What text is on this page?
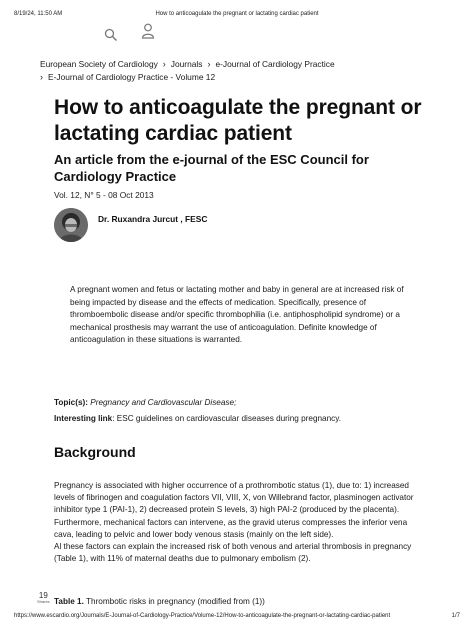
8/19/24, 11:50 AM	How to anticoagulate the pregnant or lactating cardiac patient
European Society of Cardiology › Journals › e-Journal of Cardiology Practice
› E-Journal of Cardiology Practice - Volume 12
How to anticoagulate the pregnant or lactating cardiac patient
An article from the e-journal of the ESC Council for Cardiology Practice
Vol. 12, N° 5 - 08 Oct 2013
Dr. Ruxandra Jurcut , FESC

A pregnant women and fetus or lactating mother and baby in general are at increased risk of being impacted by disease and the effects of medication. Specifically, presence of thromboembolic disease and/or specific thrombophilia (i.e. antiphospholipid syndrome) or a mechanical prosthesis may warrant the use of anticoagulation. Definite knowledge of anticoagulation in these situations is warranted.

Topic(s): Pregnancy and Cardiovascular Disease;
Interesting link: ESC guidelines on cardiovascular diseases during pregnancy.
Background

Pregnancy is associated with higher occurrence of a prothrombotic status (1), due to: 1) increased levels of fibrinogen and coagulation factors VII, VIII, X, von Willebrand factor, plasminogen activator inhibitor type 1 (PAI-1), 2) decreased protein S levels, 3) high PAI-2 (produced by the placenta).

Furthermore, mechanical factors can intervene, as the gravid uterus compresses the inferior vena cava, leading to pelvic and lower body venous stasis (mainly on the left side).

Al these factors can explain the increased risk of both venous and arterial thrombosis in pregnancy (Table 1), with 11% of maternal deaths due to pulmonary embolism (2).

19
Shares Table 1. Thrombotic risks in pregnancy (modified from (1))
https://www.escardio.org/Journals/E-Journal-of-Cardiology-Practice/Volume-12/How-to-anticoagulate-the-pregnant-or-lactating-cardiac-patient	1/7
